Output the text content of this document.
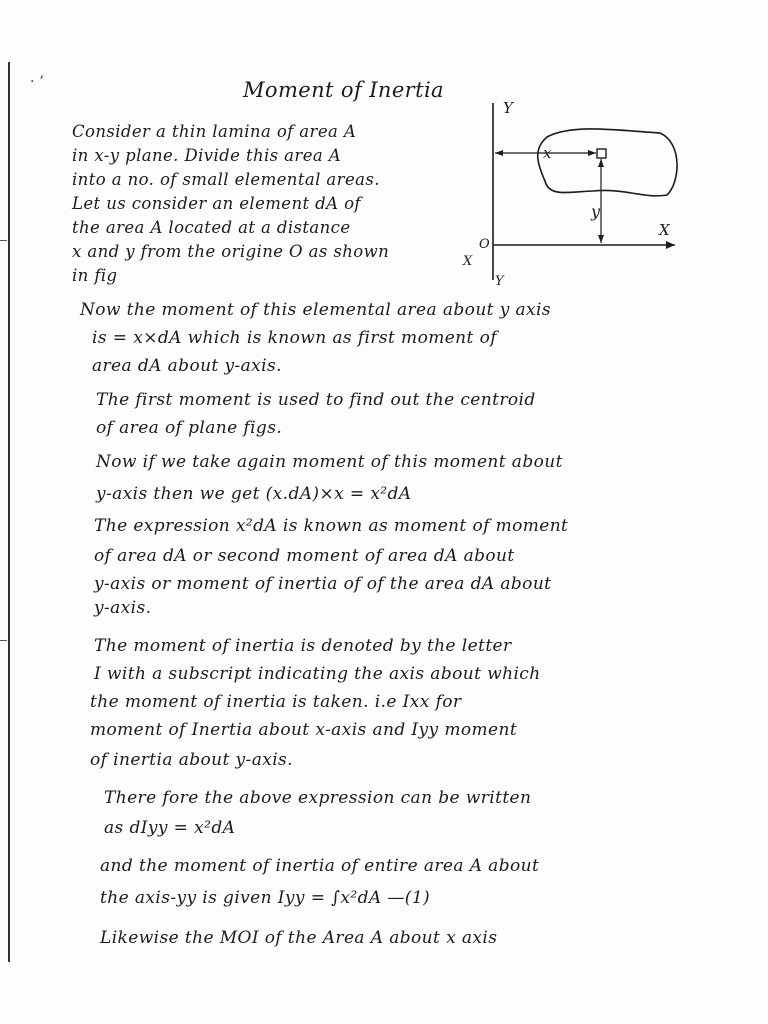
· ʼ	Moment of Inertia
Consider a thin lamina of area A
in x-y plane. Divide this area A
into a no. of small elemental areas.
Let us consider an element dA of
the area A located at a distance
x and y from the origine O as shown
in fig
Y
Y
X
X
O
x
y
Now the moment of this elemental area about y axis
is = x×dA which is known as first moment of
area dA about y-axis.
The first moment is used to find out the centroid
of area of plane figs.
Now if we take again moment of this moment about
y-axis then we get (x.dA)×x = x²dA
The expression x²dA is known as moment of moment
of area dA or second moment of area dA about
y-axis or moment of inertia of of the area dA about
y-axis.
The moment of inertia is denoted by the letter
I with a subscript indicating the axis about which
the moment of inertia is taken. i.e Ixx for
moment of Inertia about x-axis and Iyy moment
of inertia about y-axis.
There fore the above expression can be written
as dIyy = x²dA
and the moment of inertia of entire area A about
the axis-yy is given Iyy = ∫x²dA —(1)
Likewise the MOI of the Area A about x axis
